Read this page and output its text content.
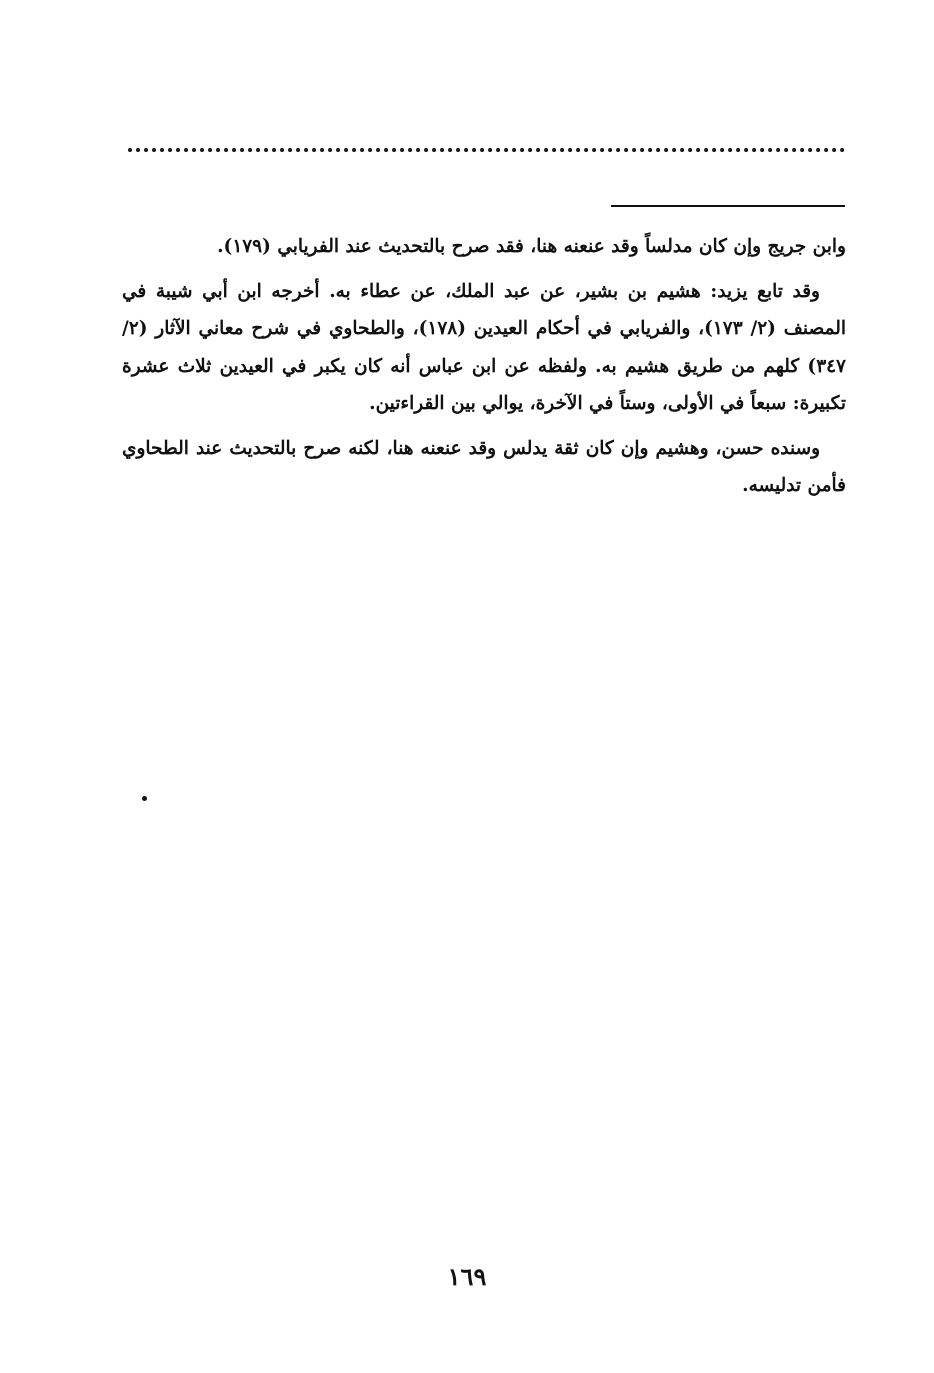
وابن جريج وإن كان مدلساً وقد عنعنه هنا، فقد صرح بالتحديث عند الفريابي (١٧٩).

وقد تابع يزيد: هشيم بن بشير، عن عبد الملك، عن عطاء به. أخرجه ابن أبي شيبة في المصنف (٢/ ١٧٣)، والفريابي في أحكام العيدين (١٧٨)، والطحاوي في شرح معاني الآثار (٢/ ٣٤٧) كلهم من طريق هشيم به. ولفظه عن ابن عباس أنه كان يكبر في العيدين ثلاث عشرة تكبيرة: سبعاً في الأولى، وستاً في الآخرة، يوالي بين القراءتين.

وسنده حسن، وهشيم وإن كان ثقة يدلس وقد عنعنه هنا، لكنه صرح بالتحديث عند الطحاوي فأمن تدليسه.

١٦٩
